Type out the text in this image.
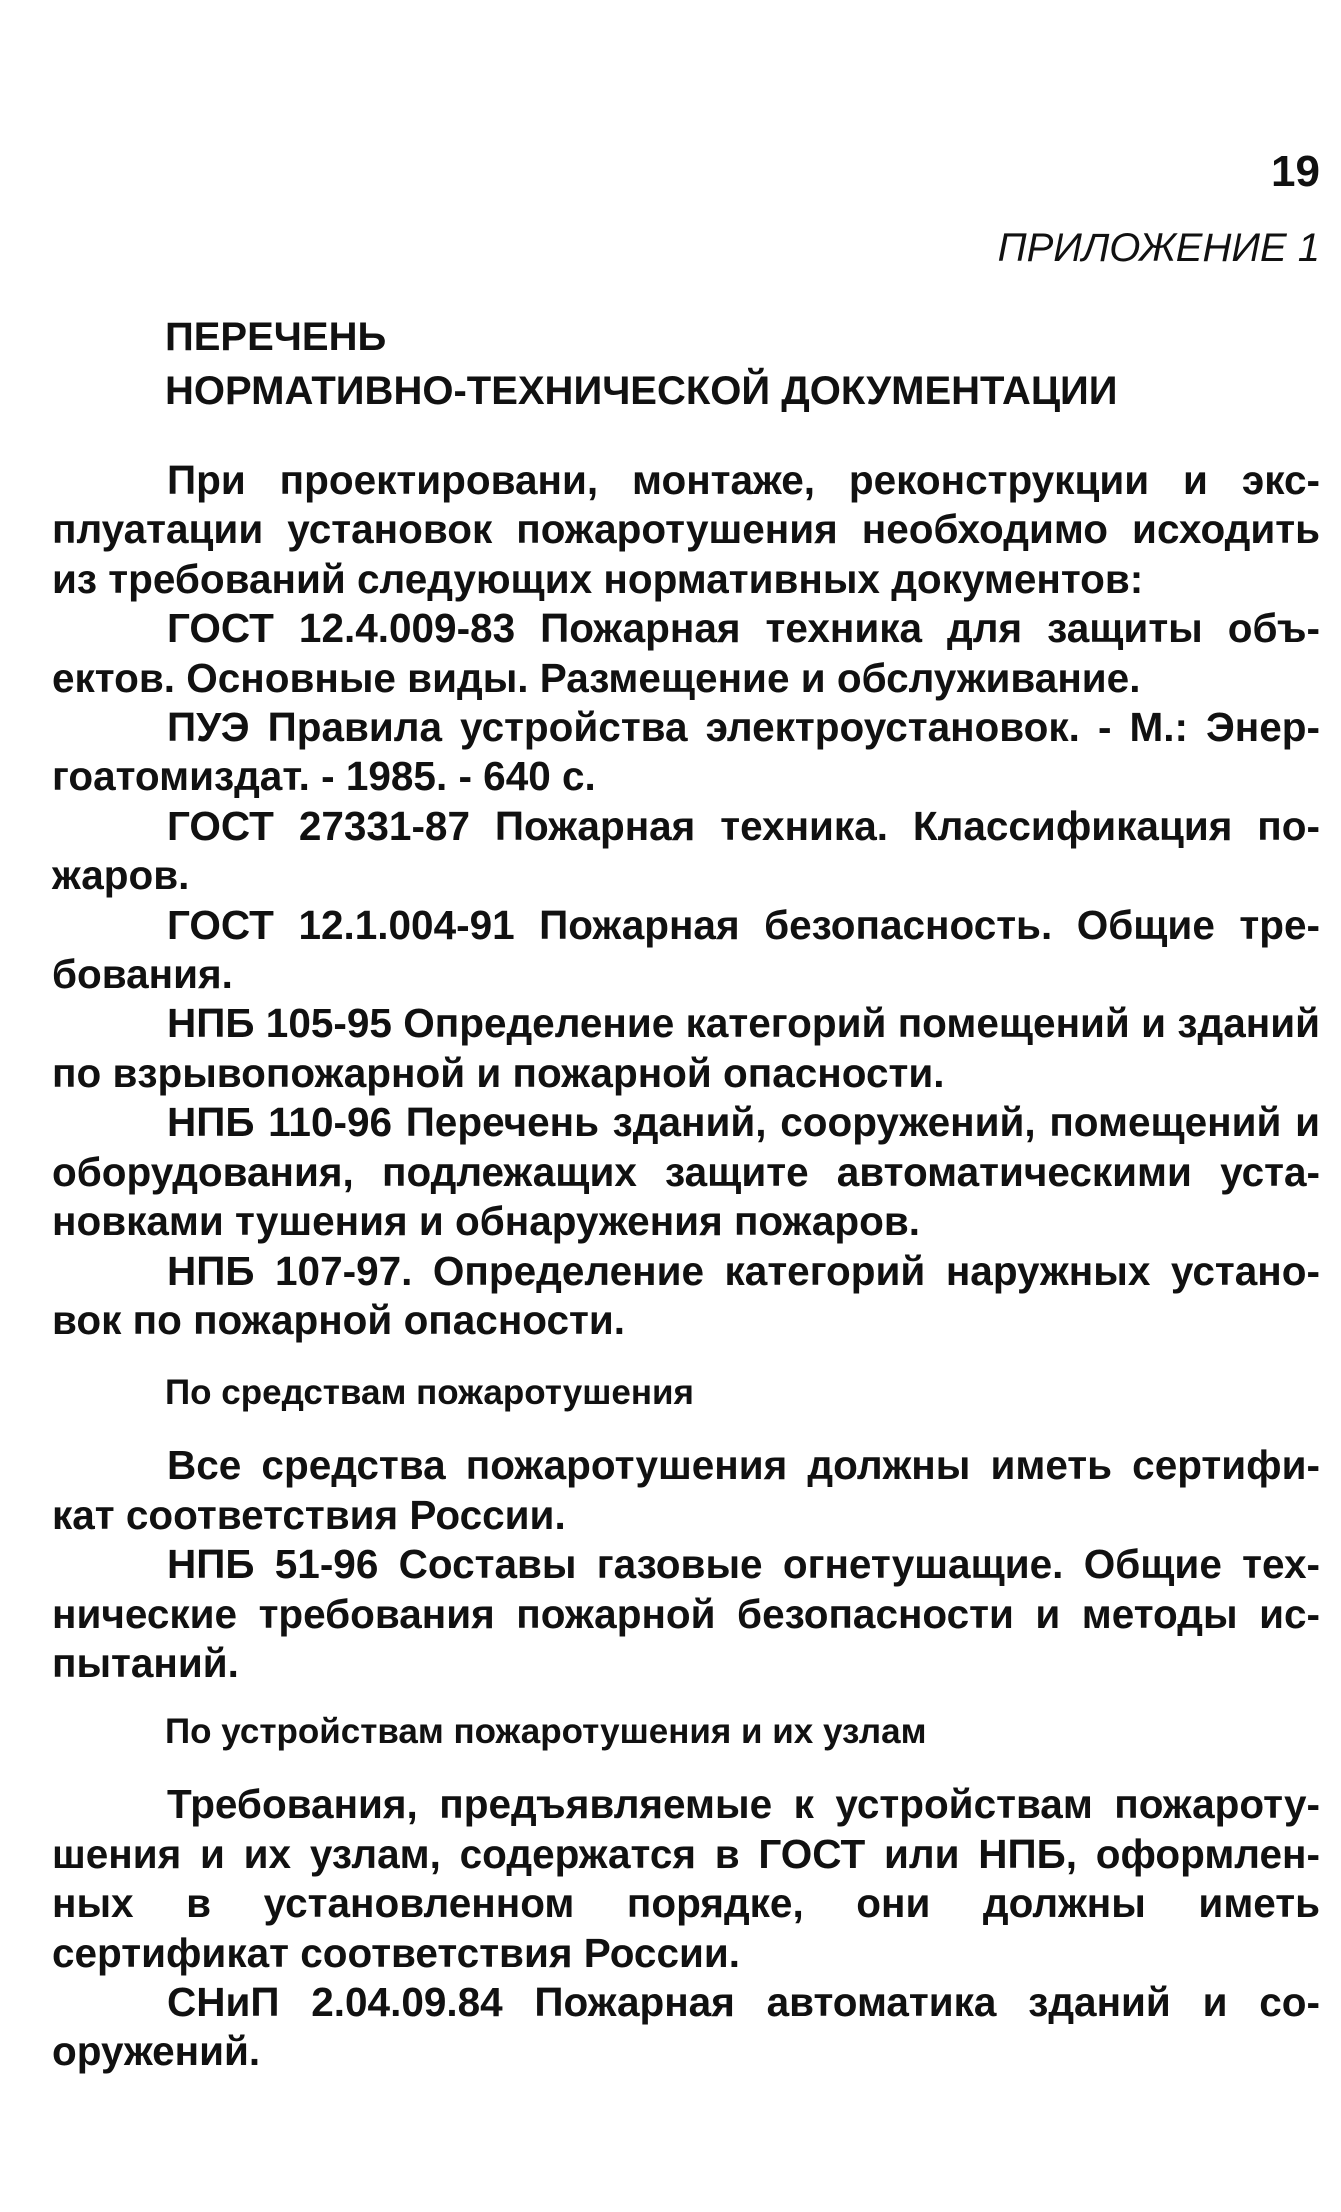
19
ПРИЛОЖЕНИЕ 1
ПЕРЕЧЕНЬ
НОРМАТИВНО-ТЕХНИЧЕСКОЙ ДОКУМЕНТАЦИИ

При проектировани, монтаже, реконструкции и эксплуатации установок пожаротушения необходимо исходить из требований следующих нормативных документов:

ГОСТ 12.4.009-83 Пожарная техника для защиты объектов. Основные виды. Размещение и обслуживание.

ПУЭ Правила устройства электроустановок. - М.: Энергоатомиздат. - 1985. - 640 с.

ГОСТ 27331-87 Пожарная техника. Классификация пожаров.

ГОСТ 12.1.004-91 Пожарная безопасность. Общие требования.

НПБ 105-95 Определение категорий помещений и зданий по взрывопожарной и пожарной опасности.

НПБ 110-96 Перечень зданий, сооружений, помещений и оборудования, подлежащих защите автоматическими установками тушения и обнаружения пожаров.

НПБ 107-97. Определение категорий наружных установок по пожарной опасности.

По средствам пожаротушения

Все средства пожаротушения должны иметь сертификат соответствия России.

НПБ 51-96 Составы газовые огнетушащие. Общие технические требования пожарной безопасности и методы испытаний.

По устройствам пожаротушения и их узлам

Требования, предъявляемые к устройствам пожаротушения и их узлам, содержатся в ГОСТ или НПБ, оформленных в установленном порядке, они должны иметь сертификат соответствия России.

СНиП 2.04.09.84 Пожарная автоматика зданий и сооружений.
